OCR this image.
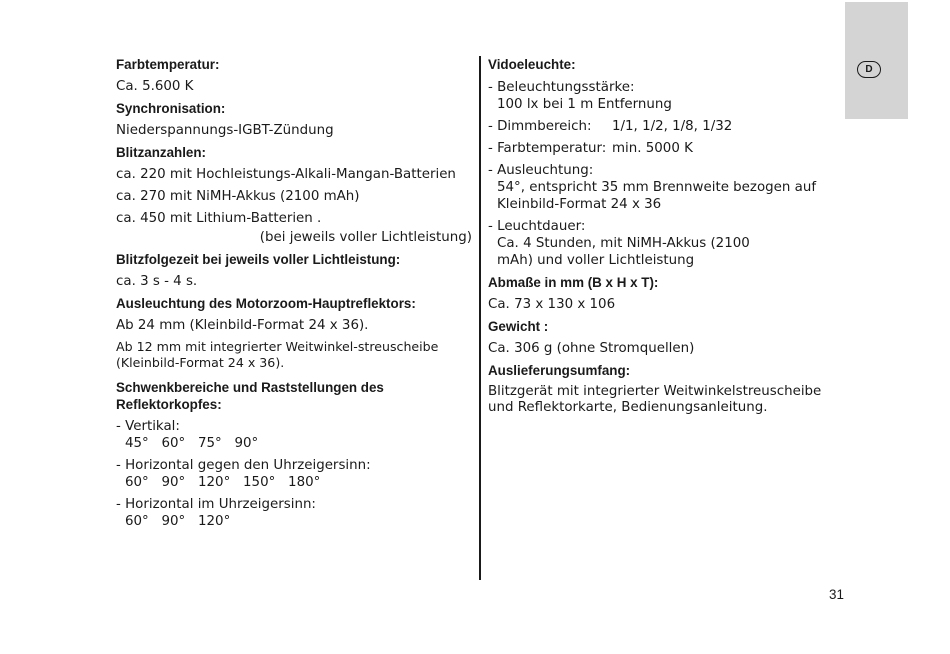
D
Farbtemperatur:
Ca. 5.600 K
Synchronisation:
Niederspannungs-IGBT-Zündung
Blitzanzahlen:
ca. 220 mit Hochleistungs-Alkali-Mangan-Batterien
ca. 270 mit NiMH-Akkus (2100 mAh)
ca. 450 mit Lithium-Batterien .
(bei jeweils voller Lichtleistung)
Blitzfolgezeit bei jeweils voller Lichtleistung:
ca. 3 s - 4 s.
Ausleuchtung des Motorzoom-Hauptreflektors:
Ab 24 mm (Kleinbild-Format 24 x 36).
Ab 12 mm mit integrierter Weitwinkel-streuscheibe (Kleinbild-Format 24 x 36).
Schwenkbereiche und Raststellungen des Reflektorkopfes:
- Vertikal:
45°   60°   75°   90°
- Horizontal gegen den Uhrzeigersinn:
60°   90°   120°   150°   180°
- Horizontal im Uhrzeigersinn:
60°   90°   120°
Vidoeleuchte:
- Beleuchtungsstärke:
100 lx bei 1 m Entfernung
- Dimmbereich:	1/1, 1/2, 1/8, 1/32
- Farbtemperatur: min. 5000 K
- Ausleuchtung:
54°, entspricht 35 mm Brennweite bezogen auf Kleinbild-Format 24 x 36
- Leuchtdauer:
Ca. 4 Stunden, mit NiMH-Akkus (2100 mAh) und voller Lichtleistung
Abmaße in mm (B x H x T):
Ca. 73 x 130 x 106
Gewicht :
Ca. 306 g (ohne Stromquellen)
Auslieferungsumfang:
Blitzgerät mit integrierter Weitwinkelstreuscheibe und Reflektorkarte, Bedienungsanleitung.
31
